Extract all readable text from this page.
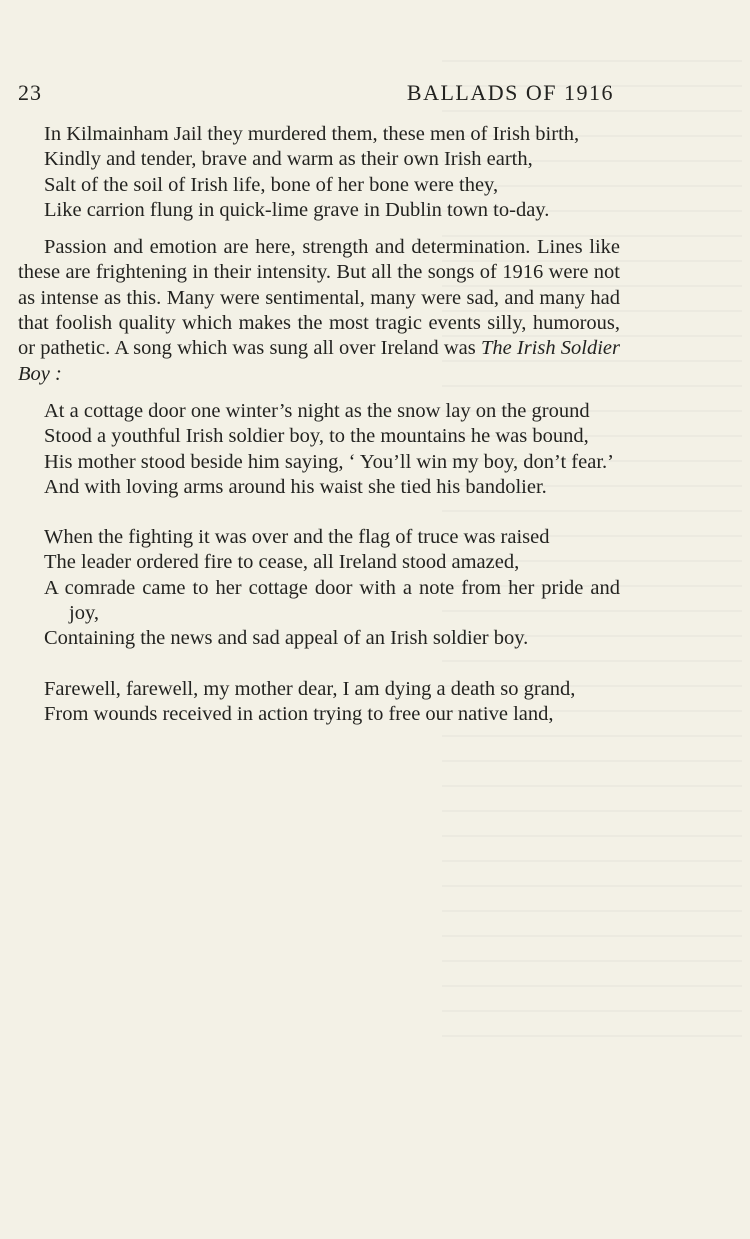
23	BALLADS OF 1916
In Kilmainham Jail they murdered them, these men of Irish birth,
Kindly and tender, brave and warm as their own Irish earth,
Salt of the soil of Irish life, bone of her bone were they,
Like carrion flung in quick-lime grave in Dublin town to-day.

Passion and emotion are here, strength and determination. Lines like these are frightening in their intensity. But all the songs of 1916 were not as intense as this. Many were sentimental, many were sad, and many had that foolish quality which makes the most tragic events silly, humorous, or pathetic. A song which was sung all over Ireland was The Irish Soldier Boy :

At a cottage door one winter’s night as the snow lay on the ground
Stood a youthful Irish soldier boy, to the mountains he was bound,
His mother stood beside him saying, ‘ You’ll win my boy, don’t fear.’
And with loving arms around his waist she tied his bandolier.
When the fighting it was over and the flag of truce was raised
The leader ordered fire to cease, all Ireland stood amazed,
A comrade came to her cottage door with a note from her pride and joy,
Containing the news and sad appeal of an Irish soldier boy.
Farewell, farewell, my mother dear, I am dying a death so grand,
From wounds received in action trying to free our native land,
